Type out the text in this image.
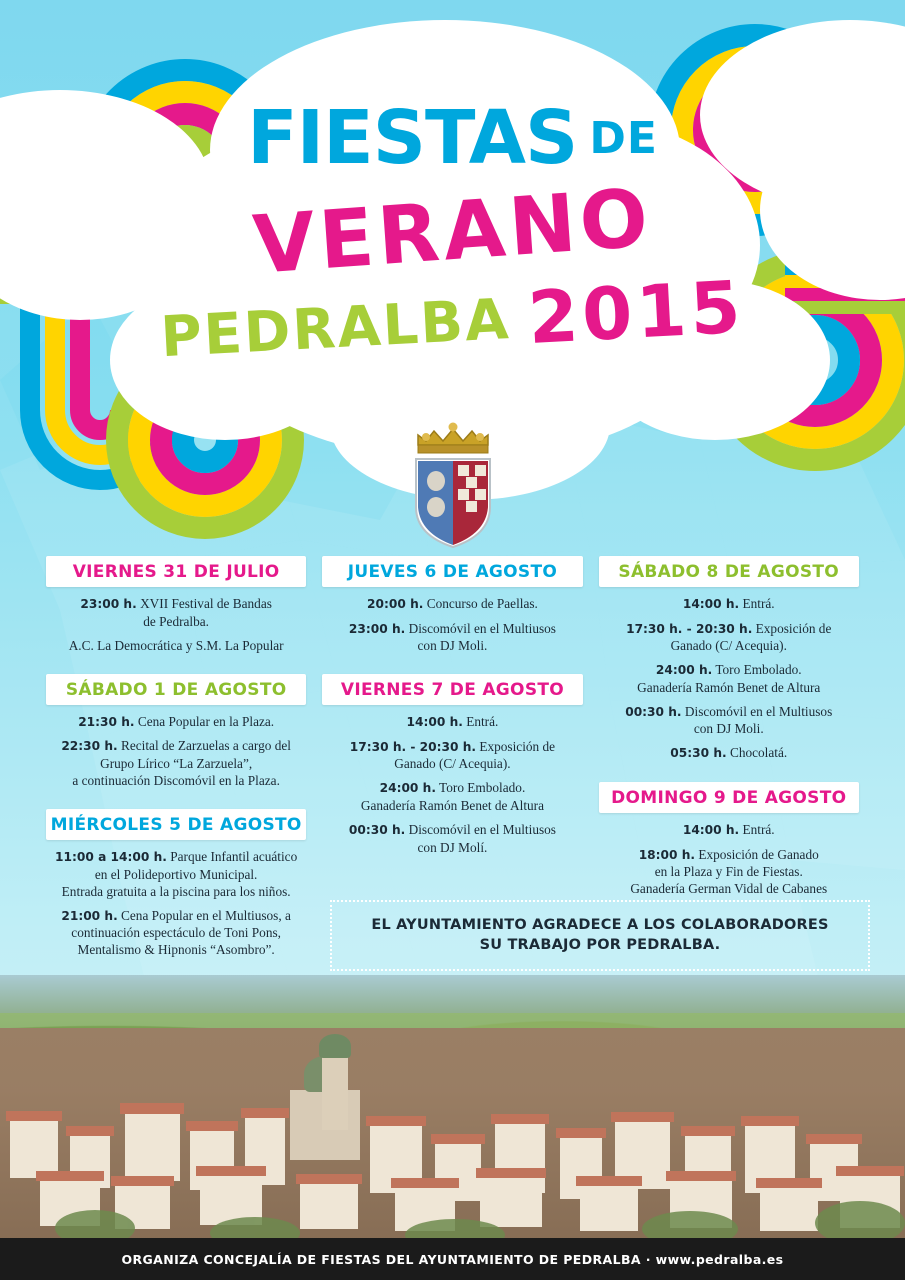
FIESTAS DE
VERANO
PEDRALBA 2015
VIERNES 31 DE JULIO
23:00 h. XVII Festival de Bandas
de Pedralba.
A.C. La Democrática y S.M. La Popular
SÁBADO 1 DE AGOSTO
21:30 h. Cena Popular en la Plaza.
22:30 h. Recital de Zarzuelas a cargo del
Grupo Lírico “La Zarzuela”,
a continuación Discomóvil en la Plaza.
MIÉRCOLES 5 DE AGOSTO
11:00 a 14:00 h. Parque Infantil acuático
en el Polideportivo Municipal.
Entrada gratuita a la piscina para los niños.
21:00 h. Cena Popular en el Multiusos, a
continuación espectáculo de Toni Pons,
Mentalismo & Hipnonis “Asombro”.
JUEVES 6 DE AGOSTO
20:00 h. Concurso de Paellas.
23:00 h. Discomóvil en el Multiusos
con DJ Moli.
VIERNES 7 DE AGOSTO
14:00 h. Entrá.
17:30 h. - 20:30 h. Exposición de
Ganado (C/ Acequia).
24:00 h. Toro Embolado.
Ganadería Ramón Benet de Altura
00:30 h. Discomóvil en el Multiusos
con DJ Molí.
SÁBADO 8 DE AGOSTO
14:00 h. Entrá.
17:30 h. - 20:30 h. Exposición de
Ganado (C/ Acequia).
24:00 h. Toro Embolado.
Ganadería Ramón Benet de Altura
00:30 h. Discomóvil en el Multiusos
con DJ Moli.
05:30 h. Chocolatá.
DOMINGO 9 DE AGOSTO
14:00 h. Entrá.
18:00 h. Exposición de Ganado
en la Plaza y Fin de Fiestas.
Ganadería German Vidal de Cabanes

EL AYUNTAMIENTO AGRADECE A LOS COLABORADORES

SU TRABAJO POR PEDRALBA.

ORGANIZA CONCEJALÍA DE FIESTAS DEL AYUNTAMIENTO DE PEDRALBA · www.pedralba.es
